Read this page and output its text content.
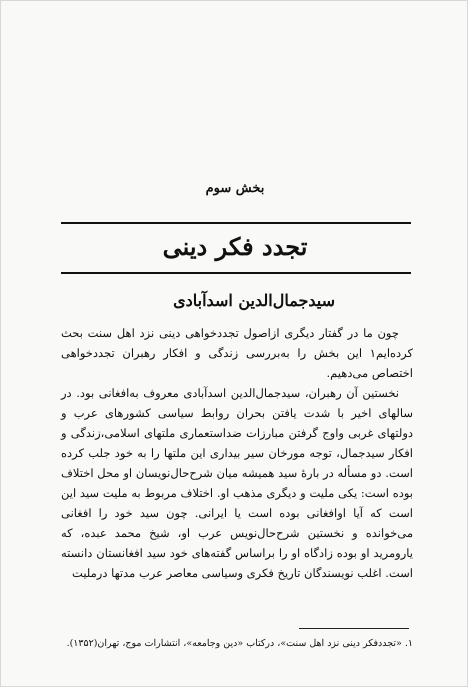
بخش سوم
تجدد فکر دینی
سیدجمال‌الدین اسدآبادی

چون ما در گفتار دیگری ازاصول تجددخواهی دینی نزد اهل سنت بحث کرده‌ایم۱ این بخش را به‌بررسی زندگی و افکار رهبران تجددخواهی اختصاص می‌دهیم.

نخستین آن رهبران، سیدجمال‌الدین اسدآبادی معروف به‌افغانی بود. در سالهای اخیر با شدت یافتن بحران روابط سیاسی کشورهای عرب و دولتهای غربی واوج گرفتن مبارزات ضداستعماری ملتهای اسلامی،زندگی و افکار سیدجمال، توجه مورخان سیر بیداری این ملتها را به خود جلب کرده است. دو مسأله در بارهٔ سید همیشه میان شرح‌حال‌نویسان او محل اختلاف بوده است: یکی ملیت و دیگری مذهب او. اختلاف مربوط به ملیت سید این است که آیا اوافغانی بوده است یا ایرانی. چون سید خود را افغانی می‌خوانده و نخستین شرح‌حال‌نویس عرب او، شیخ محمد عبده، که یارومرید او بوده زادگاه او را براساس گفته‌های خود سید افغانستان دانسته است. اغلب نویسندگان تاریخ فکری وسیاسی معاصر عرب مدتها درملیت

۱. «تجددفکر دینی نزد اهل سنت»، درکتاب «دین وجامعه»، انتشارات موج، تهران(۱۳۵۲).
